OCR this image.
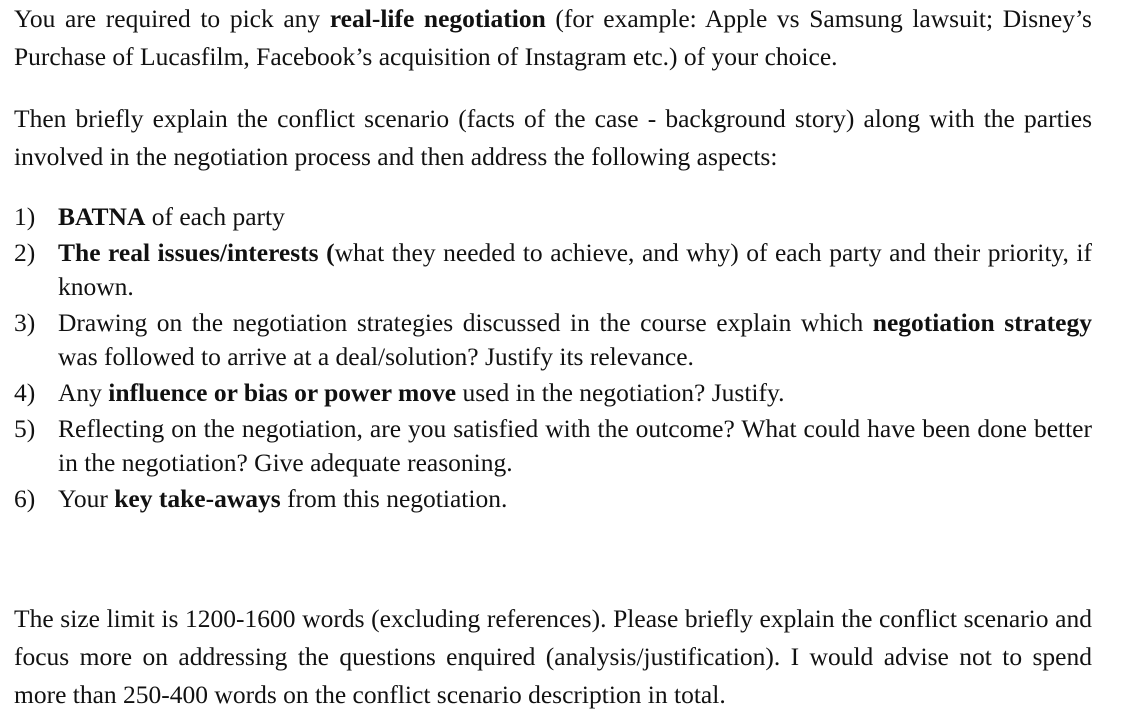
You are required to pick any real-life negotiation (for example: Apple vs Samsung lawsuit; Disney’s Purchase of Lucasfilm, Facebook’s acquisition of Instagram etc.) of your choice.

Then briefly explain the conflict scenario (facts of the case - background story) along with the parties involved in the negotiation process and then address the following aspects:

1) BATNA of each party
2) The real issues/interests (what they needed to achieve, and why) of each party and their priority, if known.
3) Drawing on the negotiation strategies discussed in the course explain which negotiation strategy was followed to arrive at a deal/solution? Justify its relevance.
4) Any influence or bias or power move used in the negotiation? Justify.
5) Reflecting on the negotiation, are you satisfied with the outcome? What could have been done better in the negotiation? Give adequate reasoning.
6) Your key take-aways from this negotiation.

The size limit is 1200-1600 words (excluding references). Please briefly explain the conflict scenario and focus more on addressing the questions enquired (analysis/justification). I would advise not to spend more than 250-400 words on the conflict scenario description in total.
